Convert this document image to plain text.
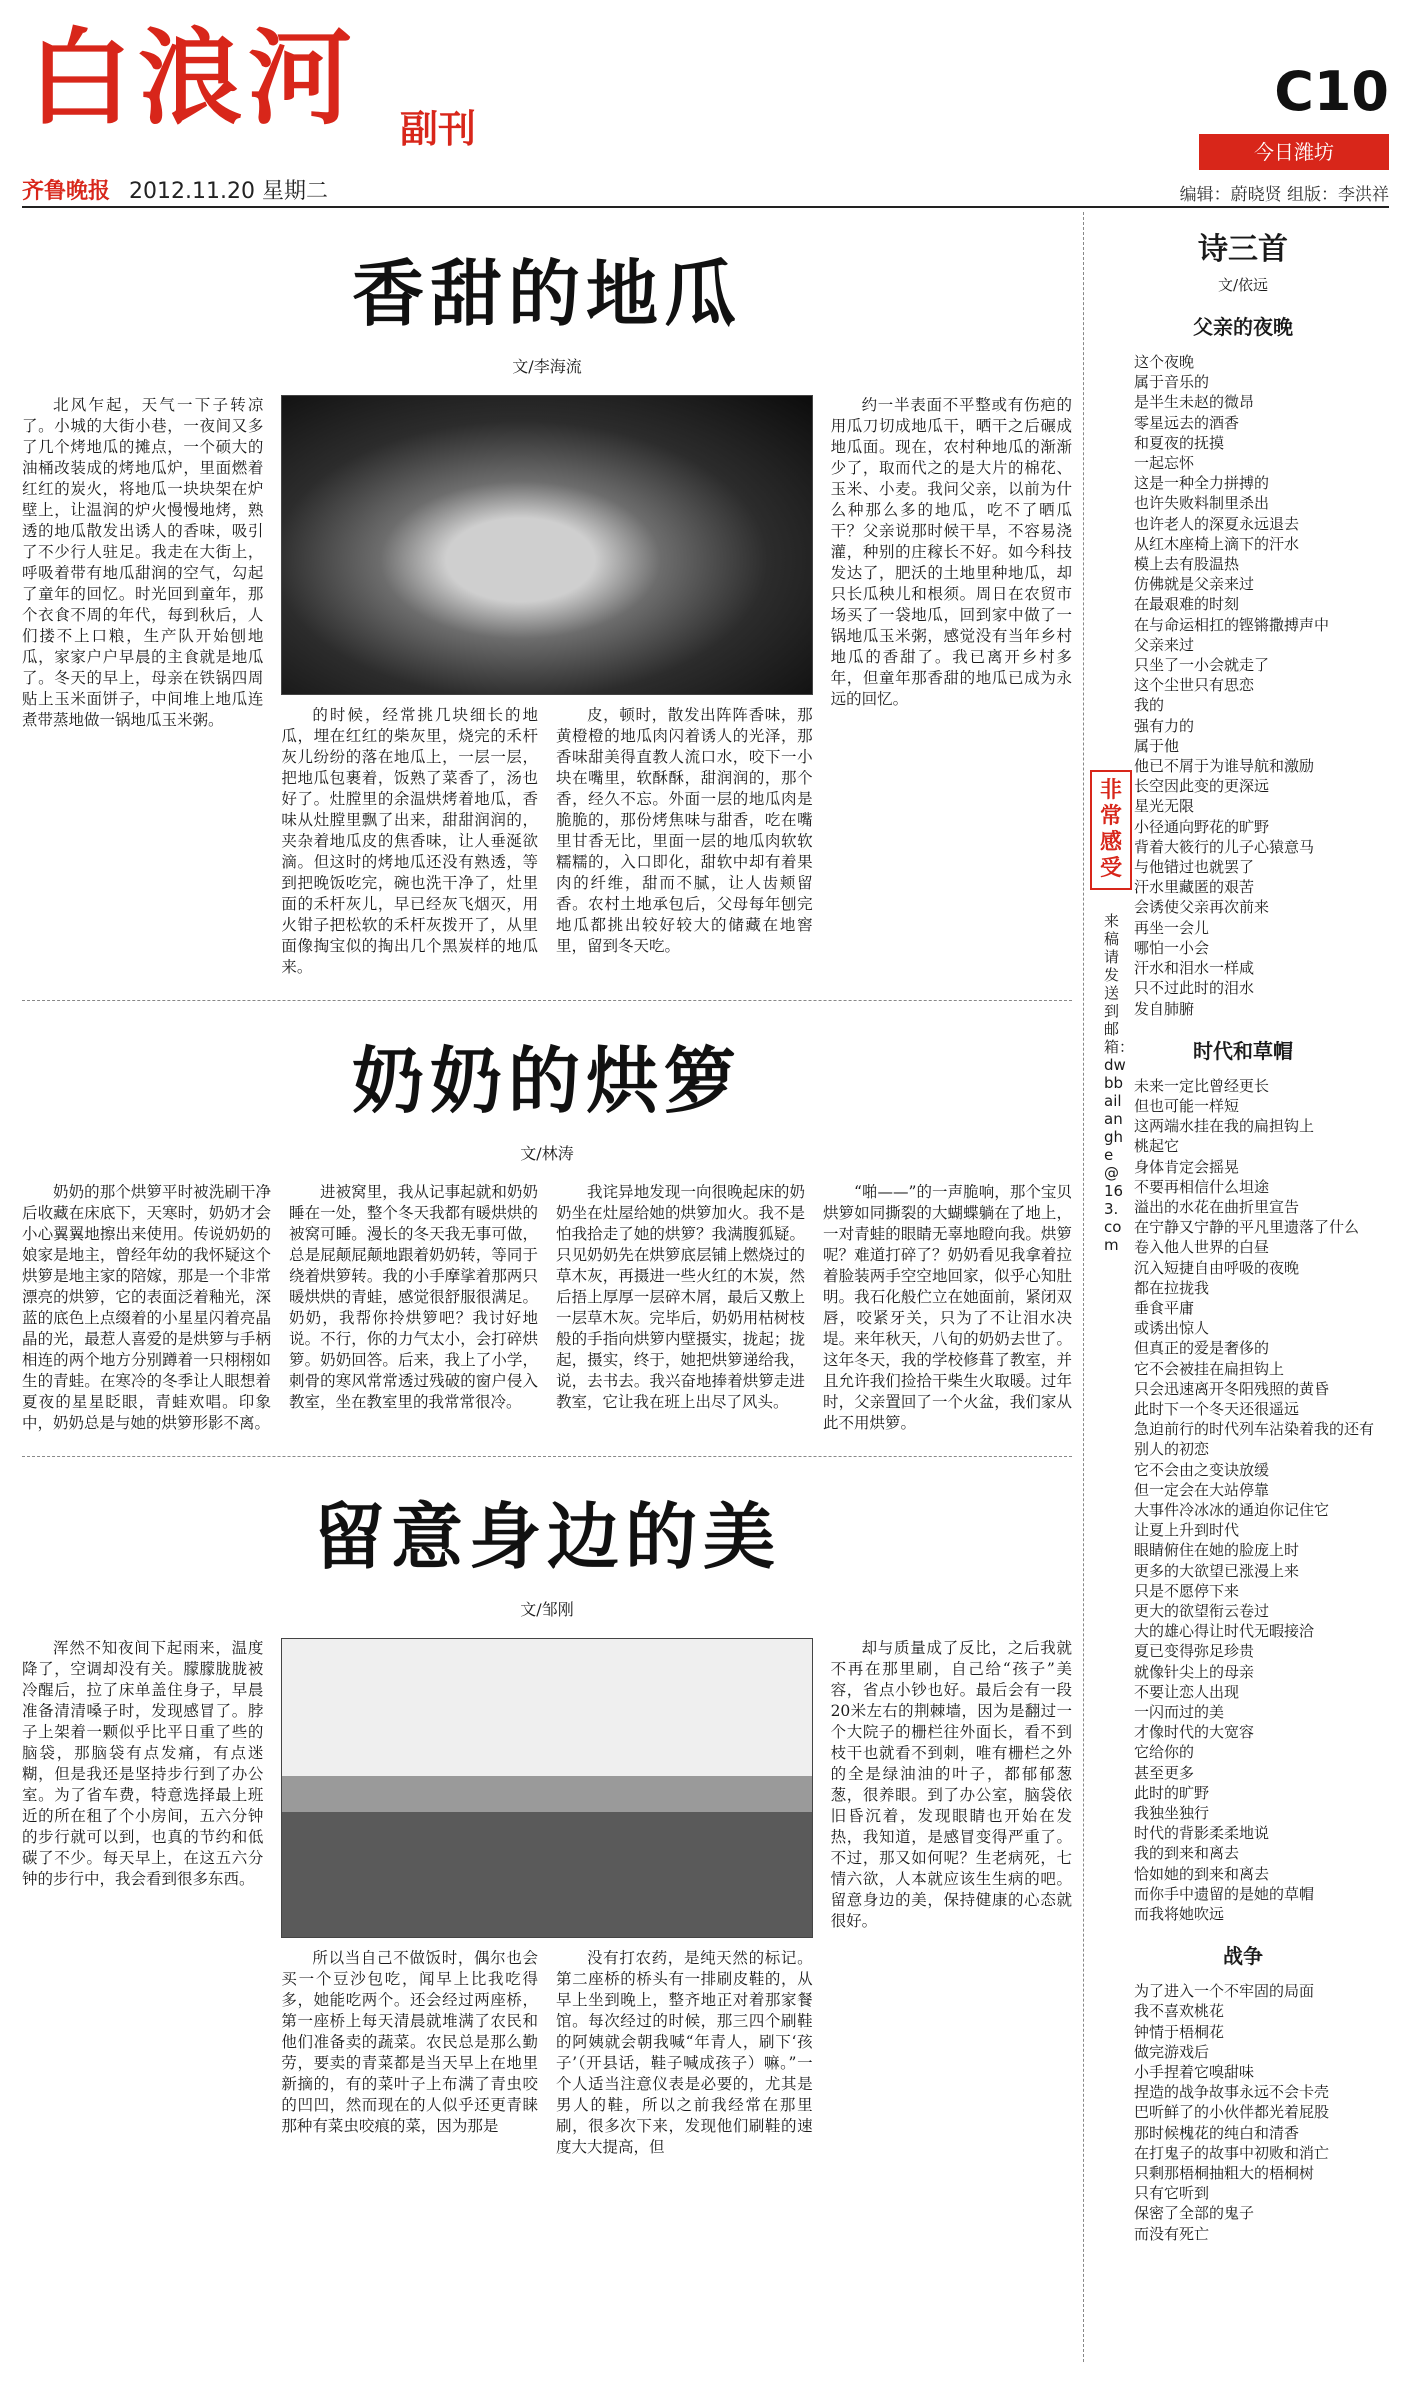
白浪河 副刊
C10
今日潍坊
齐鲁晚报 2012.11.20 星期二	编辑：蔚晓贤 组版：李洪祥
香甜的地瓜
文/李海流

北风乍起，天气一下子转凉了。小城的大街小巷，一夜间又多了几个烤地瓜的摊点，一个硕大的油桶改装成的烤地瓜炉，里面燃着红红的炭火，将地瓜一块块架在炉壁上，让温润的炉火慢慢地烤，熟透的地瓜散发出诱人的香味，吸引了不少行人驻足。我走在大街上，呼吸着带有地瓜甜润的空气，勾起了童年的回忆。时光回到童年，那个衣食不周的年代，每到秋后，人们搂不上口粮，生产队开始刨地瓜，家家户户早晨的主食就是地瓜了。冬天的早上，母亲在铁锅四周贴上玉米面饼子，中间堆上地瓜连煮带蒸地做一锅地瓜玉米粥。	的时候，经常挑几块细长的地瓜，埋在红红的柴灰里，烧完的禾杆灰儿纷纷的落在地瓜上，一层一层，把地瓜包裹着，饭熟了菜香了，汤也好了。灶膛里的余温烘烤着地瓜，香味从灶膛里飘了出来，甜甜润润的，夹杂着地瓜皮的焦香味，让人垂涎欲滴。但这时的烤地瓜还没有熟透，等到把晚饭吃完，碗也洗干净了，灶里面的禾杆灰儿，早已经灰飞烟灭，用火钳子把松软的禾杆灰拨开了，从里面像掏宝似的掏出几个黑炭样的地瓜来。

皮，顿时，散发出阵阵香味，那黄橙橙的地瓜肉闪着诱人的光泽，那香味甜美得直教人流口水，咬下一小块在嘴里，软酥酥，甜润润的，那个香，经久不忘。外面一层的地瓜肉是脆脆的，那份烤焦味与甜香，吃在嘴里甘香无比，里面一层的地瓜肉软软糯糯的，入口即化，甜软中却有着果肉的纤维，甜而不腻，让人齿颊留香。农村土地承包后，父母每年刨完地瓜都挑出较好较大的储藏在地窖里，留到冬天吃。

约一半表面不平整或有伤疤的用瓜刀切成地瓜干，晒干之后碾成地瓜面。现在，农村种地瓜的渐渐少了，取而代之的是大片的棉花、玉米、小麦。我问父亲，以前为什么种那么多的地瓜，吃不了晒瓜干？父亲说那时候干旱，不容易浇灌，种别的庄稼长不好。如今科技发达了，肥沃的土地里种地瓜，却只长瓜秧儿和根须。周日在农贸市场买了一袋地瓜，回到家中做了一锅地瓜玉米粥，感觉没有当年乡村地瓜的香甜了。我已离开乡村多年，但童年那香甜的地瓜已成为永远的回忆。

奶奶的烘箩
文/林涛

奶奶的那个烘箩平时被洗刷干净后收藏在床底下，天寒时，奶奶才会小心翼翼地擦出来使用。传说奶奶的娘家是地主，曾经年幼的我怀疑这个烘箩是地主家的陪嫁，那是一个非常漂亮的烘箩，它的表面泛着釉光，深蓝的底色上点缀着的小星星闪着亮晶晶的光，最惹人喜爱的是烘箩与手柄相连的两个地方分别蹲着一只栩栩如生的青蛙。在寒冷的冬季让人眼想着夏夜的星星眨眼，青蛙欢唱。印象中，奶奶总是与她的烘箩形影不离。

进被窝里，我从记事起就和奶奶睡在一处，整个冬天我都有暖烘烘的被窝可睡。漫长的冬天我无事可做，总是屁颠屁颠地跟着奶奶转，等同于绕着烘箩转。我的小手摩挲着那两只暖烘烘的青蛙，感觉很舒服很满足。奶奶，我帮你拎烘箩吧？我讨好地说。不行，你的力气太小，会打碎烘箩。奶奶回答。后来，我上了小学，刺骨的寒风常常透过残破的窗户侵入教室，坐在教室里的我常常很冷。

我诧异地发现一向很晚起床的奶奶坐在灶屋给她的烘箩加火。我不是怕我拾走了她的烘箩？我满腹狐疑。只见奶奶先在烘箩底层铺上燃烧过的草木灰，再摄进一些火红的木炭，然后捂上厚厚一层碎木屑，最后又敷上一层草木灰。完毕后，奶奶用枯树枝般的手指向烘箩内壁摄实，拢起；拢起，摄实，终于，她把烘箩递给我，说，去书去。我兴奋地捧着烘箩走进教室，它让我在班上出尽了风头。

“啪——”的一声脆响，那个宝贝烘箩如同撕裂的大蝴蝶躺在了地上，一对青蛙的眼睛无辜地瞪向我。烘箩呢？难道打碎了？奶奶看见我拿着拉着脸装两手空空地回家，似乎心知肚明。我石化般伫立在她面前，紧闭双唇，咬紧牙关，只为了不让泪水决堤。来年秋天，八旬的奶奶去世了。这年冬天，我的学校修葺了教室，并且允许我们捡拾干柴生火取暖。过年时，父亲置回了一个火盆，我们家从此不用烘箩。

留意身边的美
文/邹刚

浑然不知夜间下起雨来，温度降了，空调却没有关。朦朦胧胧被冷醒后，拉了床单盖住身子，早晨准备清清嗓子时，发现感冒了。脖子上架着一颗似乎比平日重了些的脑袋，那脑袋有点发痛，有点迷糊，但是我还是坚持步行到了办公室。为了省车费，特意选择最上班近的所在租了个小房间，五六分钟的步行就可以到，也真的节约和低碳了不少。每天早上，在这五六分钟的步行中，我会看到很多东西。

所以当自己不做饭时，偶尔也会买一个豆沙包吃，闻早上比我吃得多，她能吃两个。还会经过两座桥，第一座桥上每天清晨就堆满了农民和他们准备卖的蔬菜。农民总是那么勤劳，要卖的青菜都是当天早上在地里新摘的，有的菜叶子上布满了青虫咬的凹凹，然而现在的人似乎还更青睐那种有菜虫咬痕的菜，因为那是

没有打农药，是纯天然的标记。第二座桥的桥头有一排刷皮鞋的，从早上坐到晚上，整齐地正对着那家餐馆。每次经过的时候，那三四个刷鞋的阿姨就会朝我喊“年青人，刷下‘孩子’（开县话，鞋子喊成孩子）嘛。”一个人适当注意仪表是必要的，尤其是男人的鞋，所以之前我经常在那里刷，很多次下来，发现他们刷鞋的速度大大提高，但

却与质量成了反比，之后我就不再在那里刷，自己给“孩子”美容，省点小钞也好。最后会有一段20米左右的荆棘墙，因为是翻过一个大院子的栅栏往外面长，看不到枝干也就看不到刺，唯有栅栏之外的全是绿油油的叶子，都郁郁葱葱，很养眼。到了办公室，脑袋依旧昏沉着，发现眼睛也开始在发热，我知道，是感冒变得严重了。不过，那又如何呢？生老病死，七情六欲，人本就应该生生病的吧。留意身边的美，保持健康的心态就很好。

非
常
感
受
来稿请发送到邮箱：dwbbailanghe@163.com
诗三首
文/依远
父亲的夜晚
这个夜晚
属于音乐的
是半生未赵的微昂
零星远去的酒香
和夏夜的抚摸
一起忘怀
这是一种全力拼搏的
也许失败料制里杀出
也许老人的深夏永远退去
从红木座椅上滴下的汗水
模上去有股温热
仿佛就是父亲来过
在最艰难的时刻
在与命运相扛的铿锵撒搏声中
父亲来过
只坐了一小会就走了
这个尘世只有思恋
我的
强有力的
属于他
他已不屑于为谁导航和激励
长空因此变的更深远
星光无限
小径通向野花的旷野
背着大筱行的儿子心猿意马
与他错过也就罢了
汗水里藏匿的艰苦
会诱使父亲再次前来
再坐一会儿
哪怕一小会
汗水和泪水一样咸
只不过此时的泪水
发自肺腑
时代和草帽
未来一定比曾经更长
但也可能一样短
这两端水挂在我的扁担钩上
桃起它
身体肯定会摇晃
不要再相信什么坦途
溢出的水花在曲折里宣告
在宁静又宁静的平凡里遗落了什么
卷入他人世界的白昼
沉入短捷自由呼吸的夜晚
都在拉拢我
垂食平庸
或诱出惊人
但真正的爱是奢侈的
它不会被挂在扁担钩上
只会迅速离开冬阳残照的黄昏
此时下一个冬天还很遥远
急迫前行的时代列车沾染着我的还有别人的初恋
它不会由之变诀放缓
但一定会在大站停靠
大事件冷冰冰的通迫你记住它
让夏上升到时代
眼睛俯住在她的脸庞上时
更多的大欲望已涨漫上来
只是不愿停下来
更大的欲望衔云卷过
大的雄心得让时代无暇接洽
夏已变得弥足珍贵
就像针尖上的母亲
不要让恋人出现
一闪而过的美
才像时代的大宽容
它给你的
甚至更多
此时的旷野
我独坐独行
时代的背影柔柔地说
我的到来和离去
恰如她的到来和离去
而你手中遗留的是她的草帽
而我将她吹远
战争
为了进入一个不牢固的局面
我不喜欢桃花
钟情于梧桐花
做完游戏后
小手捏着它嗅甜味
捏造的战争故事永远不会卡壳
巴听鲜了的小伙伴都光着屁股
那时候槐花的纯白和清香
在打鬼子的故事中初败和消亡
只剩那梧桐抽粗大的梧桐树
只有它听到
保密了全部的鬼子
而没有死亡
